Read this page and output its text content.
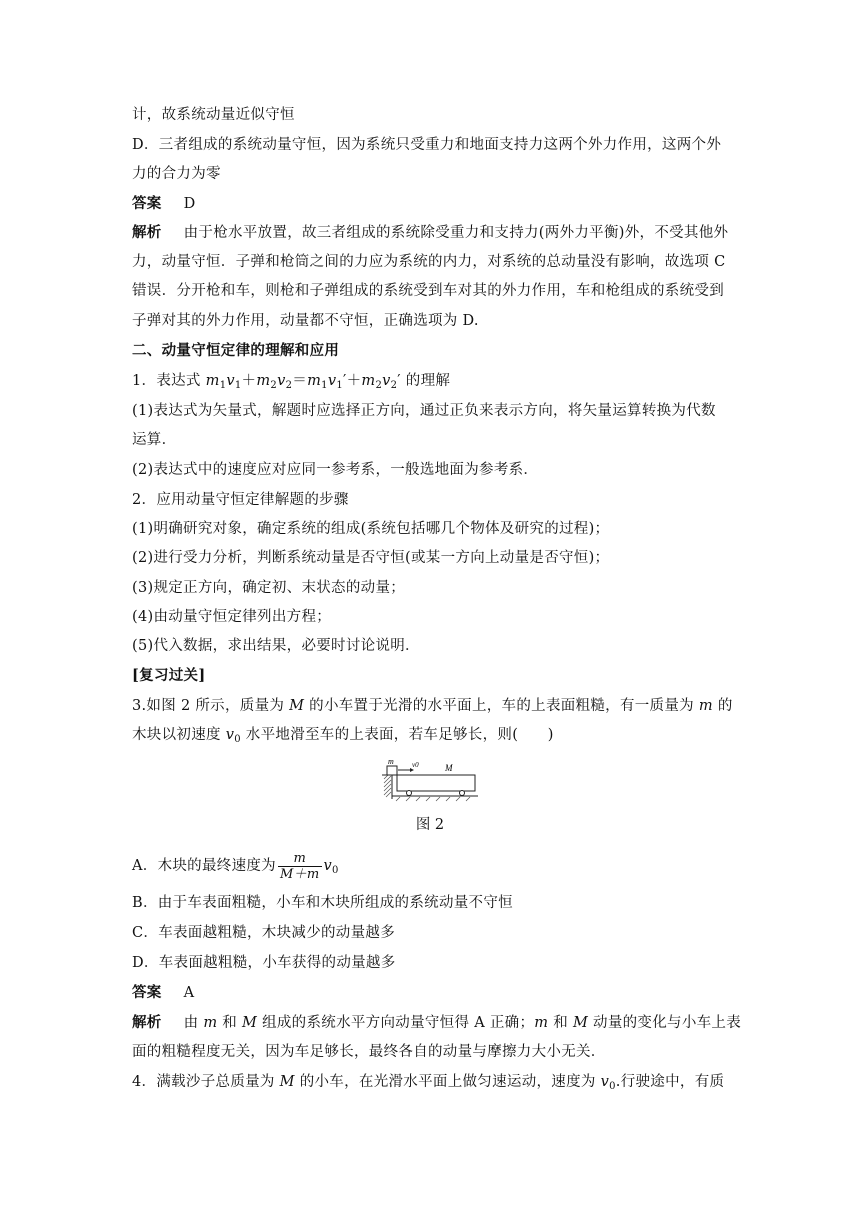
计，故系统动量近似守恒
D．三者组成的系统动量守恒，因为系统只受重力和地面支持力这两个外力作用，这两个外
力的合力为零
答案 D
解析 由于枪水平放置，故三者组成的系统除受重力和支持力(两外力平衡)外，不受其他外
力，动量守恒．子弹和枪筒之间的力应为系统的内力，对系统的总动量没有影响，故选项 C
错误．分开枪和车，则枪和子弹组成的系统受到车对其的外力作用，车和枪组成的系统受到
子弹对其的外力作用，动量都不守恒，正确选项为 D.
二、动量守恒定律的理解和应用
1．表达式 $m_1v_1+m_2v_2=m_1v_1'+m_2v_2'$ 的理解
(1)表达式为矢量式，解题时应选择正方向，通过正负来表示方向，将矢量运算转换为代数
运算．
(2)表达式中的速度应对应同一参考系，一般选地面为参考系．
2．应用动量守恒定律解题的步骤
(1)明确研究对象，确定系统的组成(系统包括哪几个物体及研究的过程)；
(2)进行受力分析，判断系统动量是否守恒(或某一方向上动量是否守恒)；
(3)规定正方向，确定初、末状态的动量；
(4)由动量守恒定律列出方程；
(5)代入数据，求出结果，必要时讨论说明．
[复习过关]
3.如图 2 所示，质量为 M 的小车置于光滑的水平面上，车的上表面粗糙，有一质量为 m 的
木块以初速度 $v_0$ 水平地滑至车的上表面，若车足够长，则(　　)
m	v0	M
图 2
A．木块的最终速度为 $\frac{m}{M+m} v_0$
B．由于车表面粗糙，小车和木块所组成的系统动量不守恒
C．车表面越粗糙，木块减少的动量越多
D．车表面越粗糙，小车获得的动量越多
答案 A
解析 由 m 和 M 组成的系统水平方向动量守恒得 A 正确；m 和 M 动量的变化与小车上表
面的粗糙程度无关，因为车足够长，最终各自的动量与摩擦力大小无关．
4．满载沙子总质量为 M 的小车，在光滑水平面上做匀速运动，速度为 $v_0$.行驶途中，有质
